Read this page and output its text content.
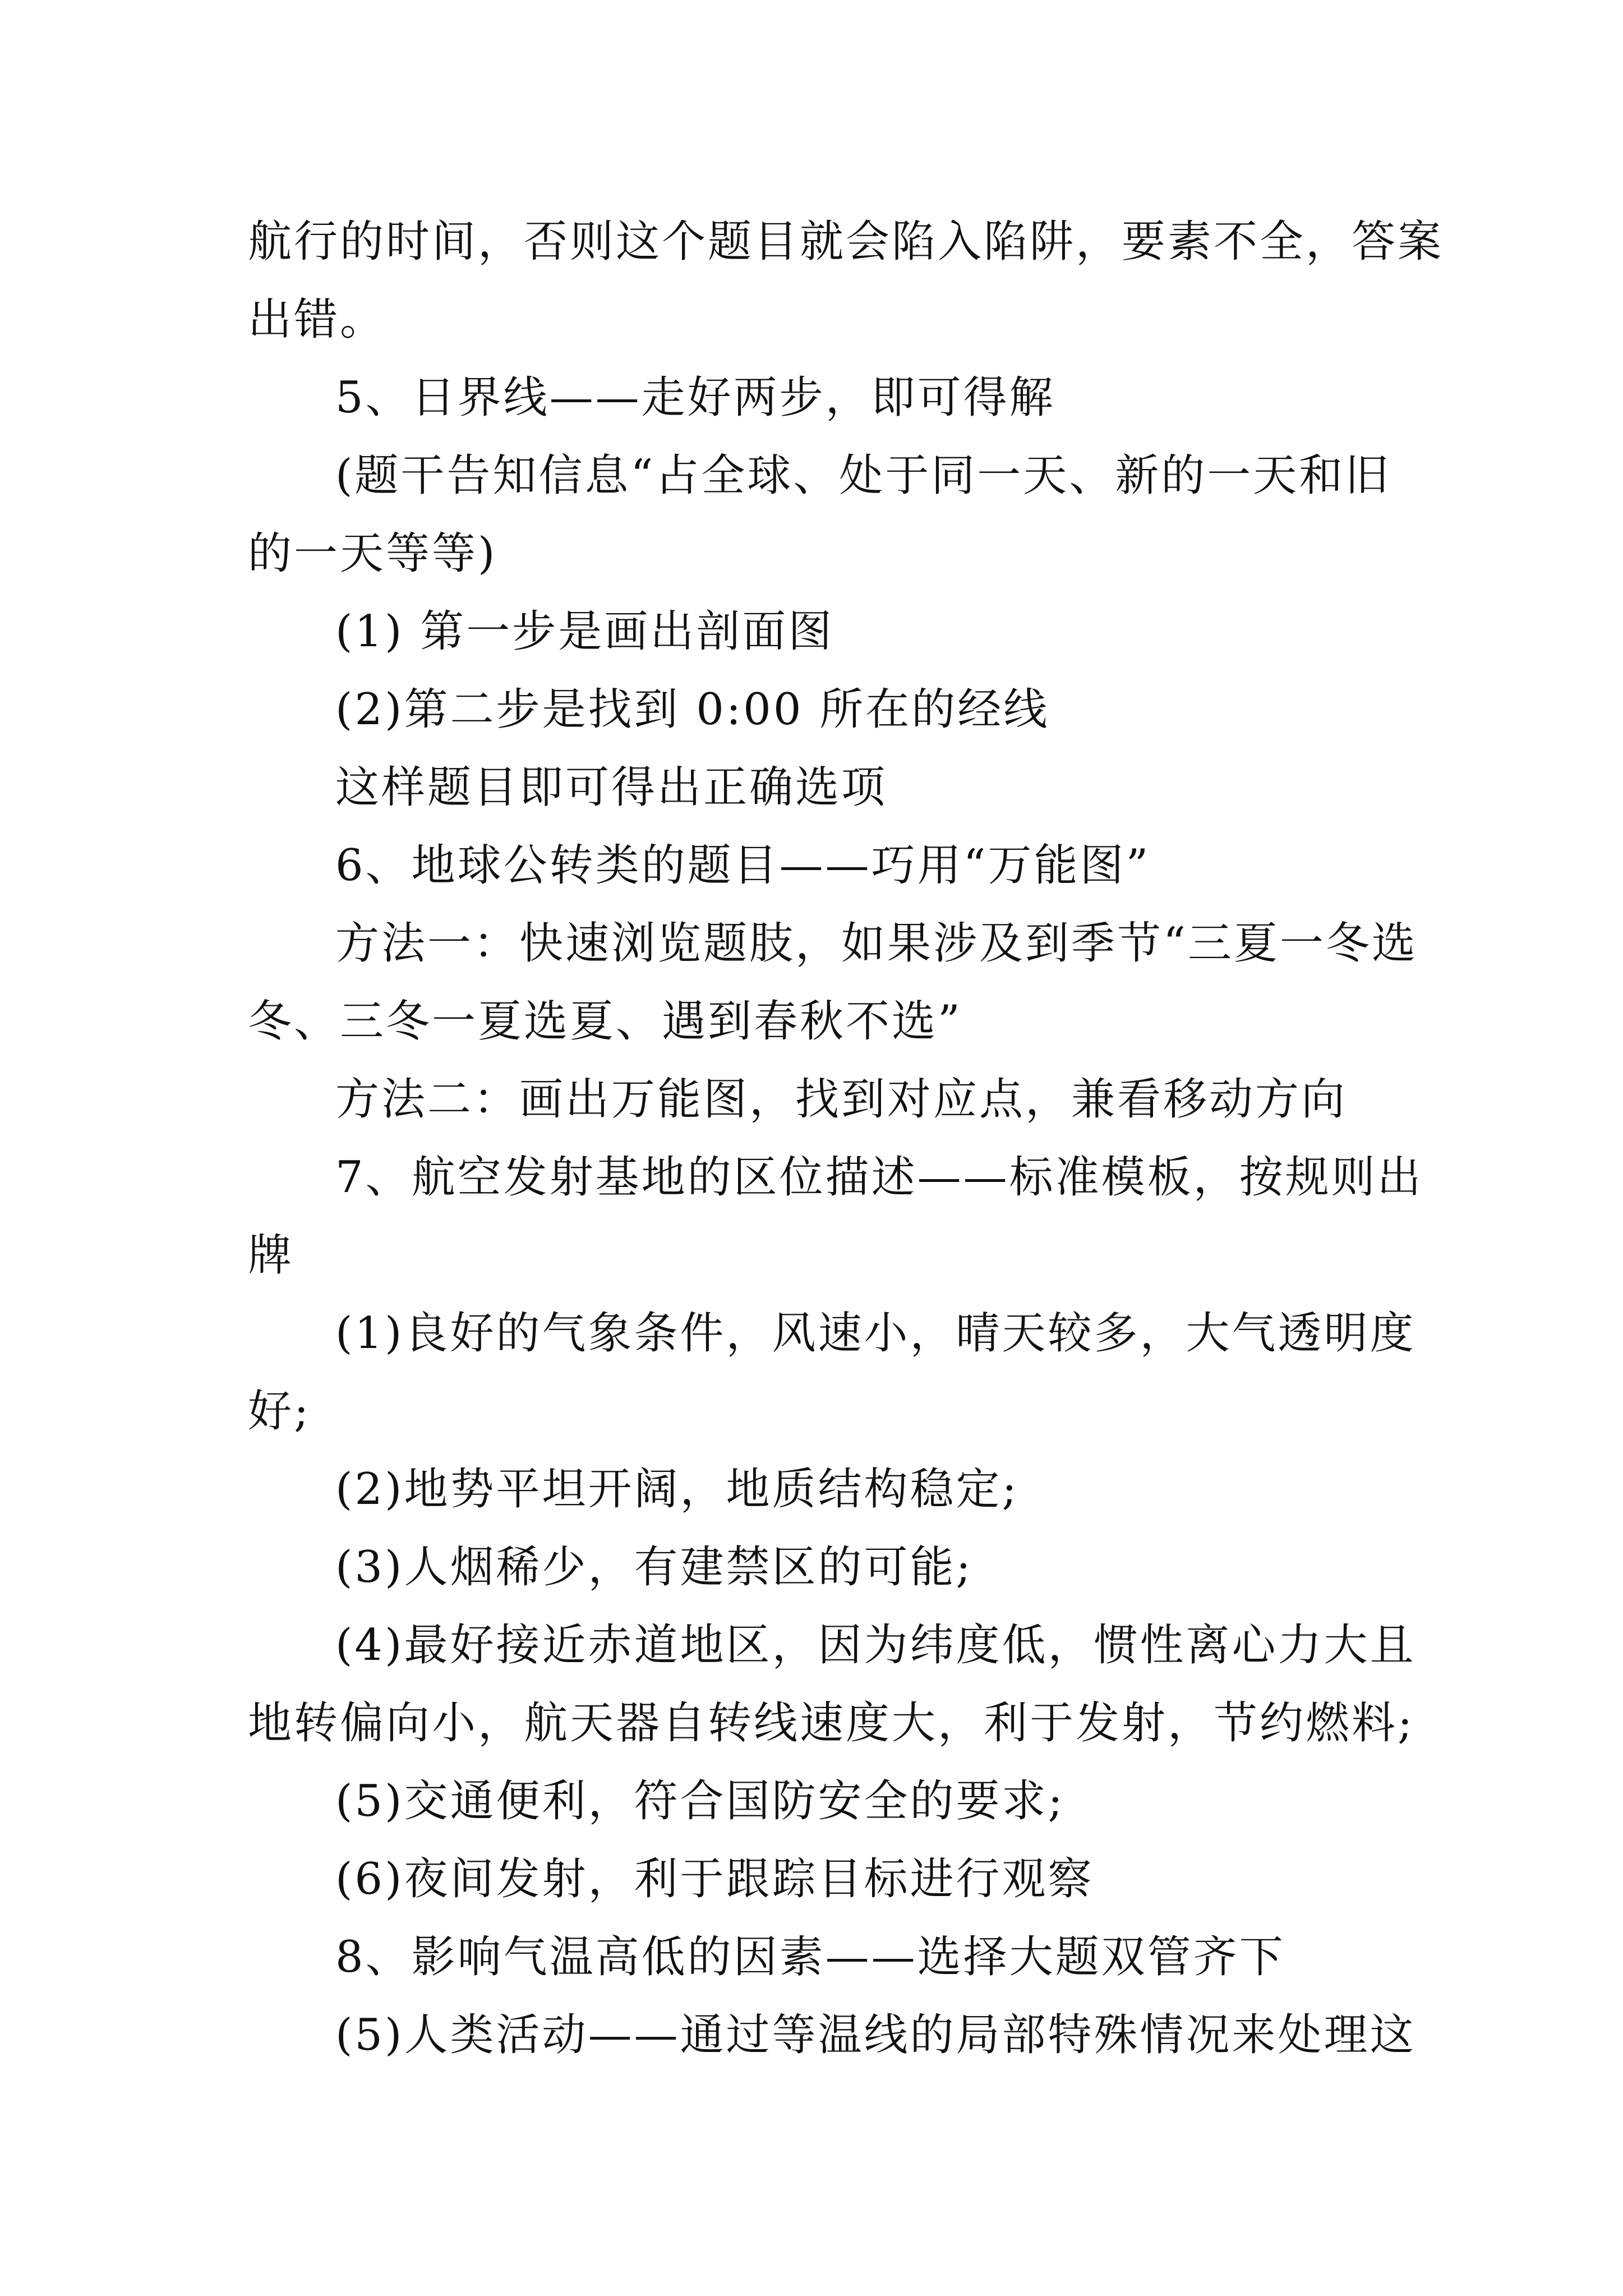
航行的时间，否则这个题目就会陷入陷阱，要素不全，答案
出错。
5、日界线——走好两步，即可得解
(题干告知信息“占全球、处于同一天、新的一天和旧
的一天等等)
(1) 第一步是画出剖面图
(2)第二步是找到 0:00 所在的经线
这样题目即可得出正确选项
6、地球公转类的题目——巧用“万能图”
方法一：快速浏览题肢，如果涉及到季节“三夏一冬选
冬、三冬一夏选夏、遇到春秋不选”
方法二：画出万能图，找到对应点，兼看移动方向
7、航空发射基地的区位描述——标准模板，按规则出
牌
(1)良好的气象条件，风速小，晴天较多，大气透明度
好;
(2)地势平坦开阔，地质结构稳定;
(3)人烟稀少，有建禁区的可能;
(4)最好接近赤道地区，因为纬度低，惯性离心力大且
地转偏向小，航天器自转线速度大，利于发射，节约燃料;
(5)交通便利，符合国防安全的要求;
(6)夜间发射，利于跟踪目标进行观察
8、影响气温高低的因素——选择大题双管齐下
(5)人类活动——通过等温线的局部特殊情况来处理这
